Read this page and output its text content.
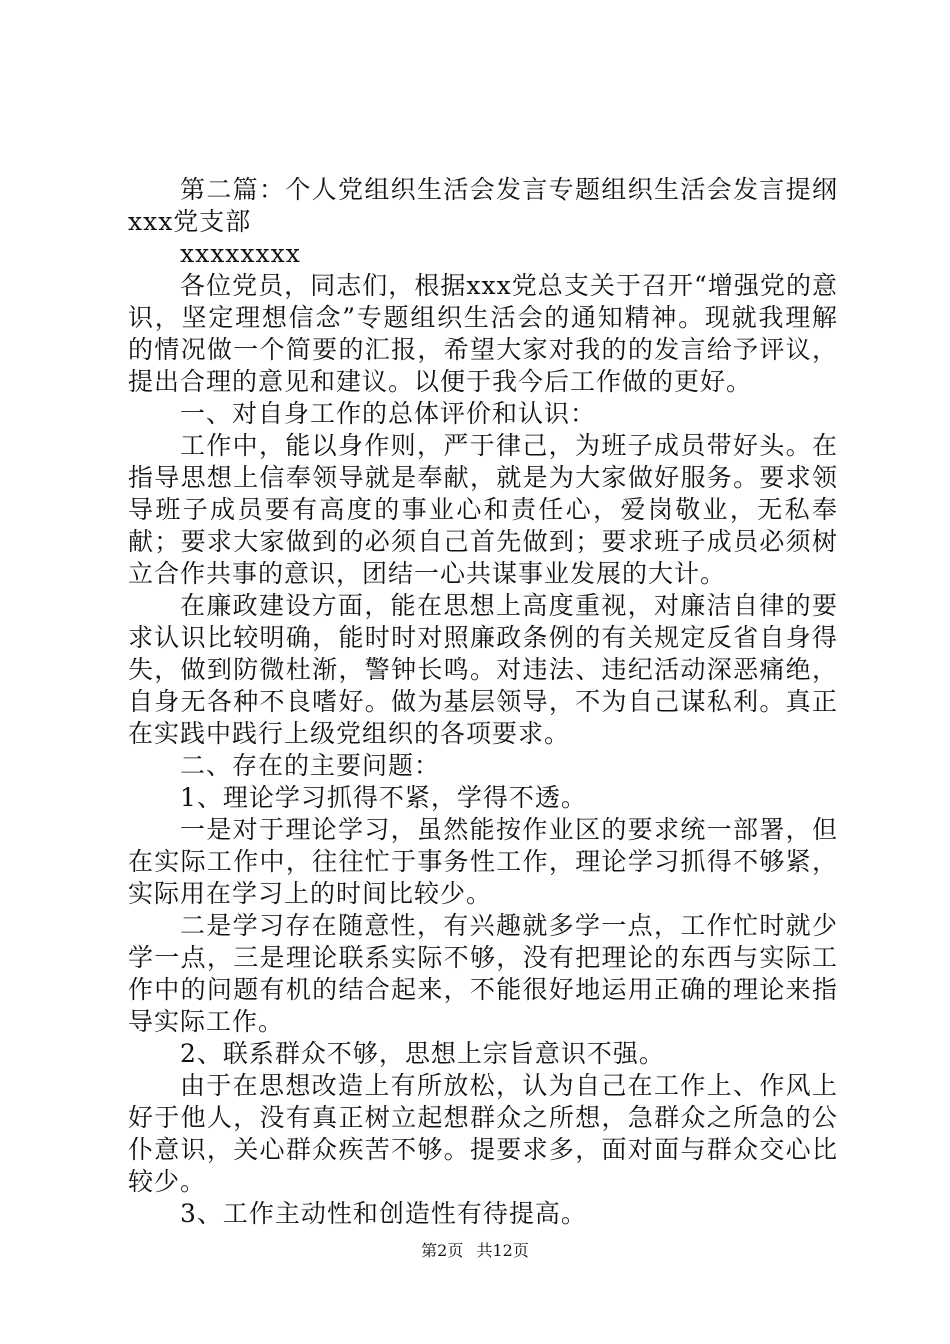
第二篇：个人党组织生活会发言专题组织生活会发言提纲xxx党支部

xxxxxxxx

各位党员，同志们，根据xxx党总支关于召开“增强党的意识，坚定理想信念”专题组织生活会的通知精神。现就我理解的情况做一个简要的汇报，希望大家对我的的发言给予评议，提出合理的意见和建议。以便于我今后工作做的更好。

一、对自身工作的总体评价和认识：

工作中，能以身作则，严于律己，为班子成员带好头。在指导思想上信奉领导就是奉献，就是为大家做好服务。要求领导班子成员要有高度的事业心和责任心，爱岗敬业，无私奉献；要求大家做到的必须自己首先做到；要求班子成员必须树立合作共事的意识，团结一心共谋事业发展的大计。

在廉政建设方面，能在思想上高度重视，对廉洁自律的要求认识比较明确，能时时对照廉政条例的有关规定反省自身得失，做到防微杜渐，警钟长鸣。对违法、违纪活动深恶痛绝，自身无各种不良嗜好。做为基层领导，不为自己谋私利。真正在实践中践行上级党组织的各项要求。

二、存在的主要问题：

1、理论学习抓得不紧，学得不透。

一是对于理论学习，虽然能按作业区的要求统一部署，但在实际工作中，往往忙于事务性工作，理论学习抓得不够紧，实际用在学习上的时间比较少。

二是学习存在随意性，有兴趣就多学一点，工作忙时就少学一点，三是理论联系实际不够，没有把理论的东西与实际工作中的问题有机的结合起来，不能很好地运用正确的理论来指导实际工作。

2、联系群众不够，思想上宗旨意识不强。

由于在思想改造上有所放松，认为自己在工作上、作风上好于他人，没有真正树立起想群众之所想，急群众之所急的公仆意识，关心群众疾苦不够。提要求多，面对面与群众交心比较少。

3、工作主动性和创造性有待提高。

第2页 共12页
